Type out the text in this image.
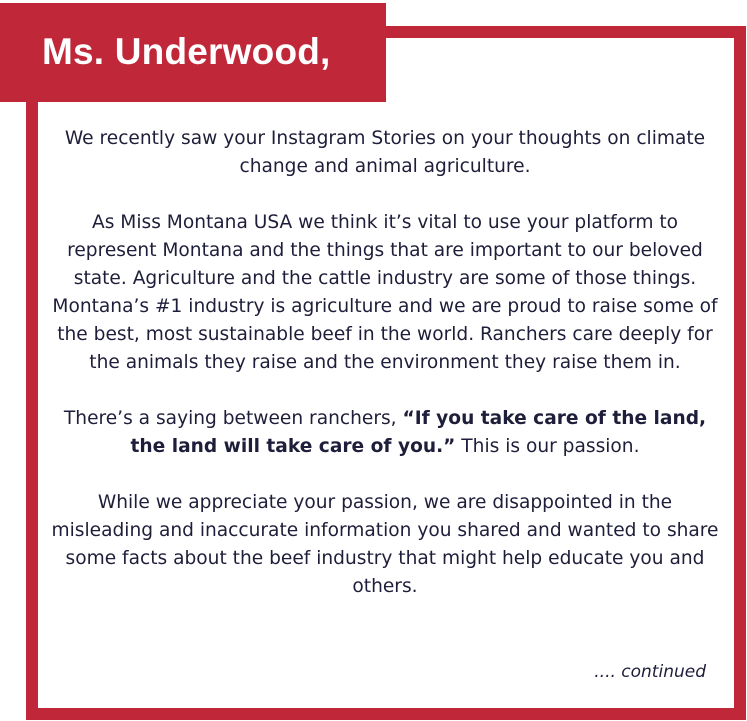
Ms. Underwood,

We recently saw your Instagram Stories on your thoughts on climate change and animal agriculture.

As Miss Montana USA we think it’s vital to use your platform to represent Montana and the things that are important to our beloved state. Agriculture and the cattle industry are some of those things. Montana’s #1 industry is agriculture and we are proud to raise some of the best, most sustainable beef in the world. Ranchers care deeply for the animals they raise and the environment they raise them in.

There’s a saying between ranchers, “If you take care of the land, the land will take care of you.” This is our passion.

While we appreciate your passion, we are disappointed in the misleading and inaccurate information you shared and wanted to share some facts about the beef industry that might help educate you and others.

.... continued
